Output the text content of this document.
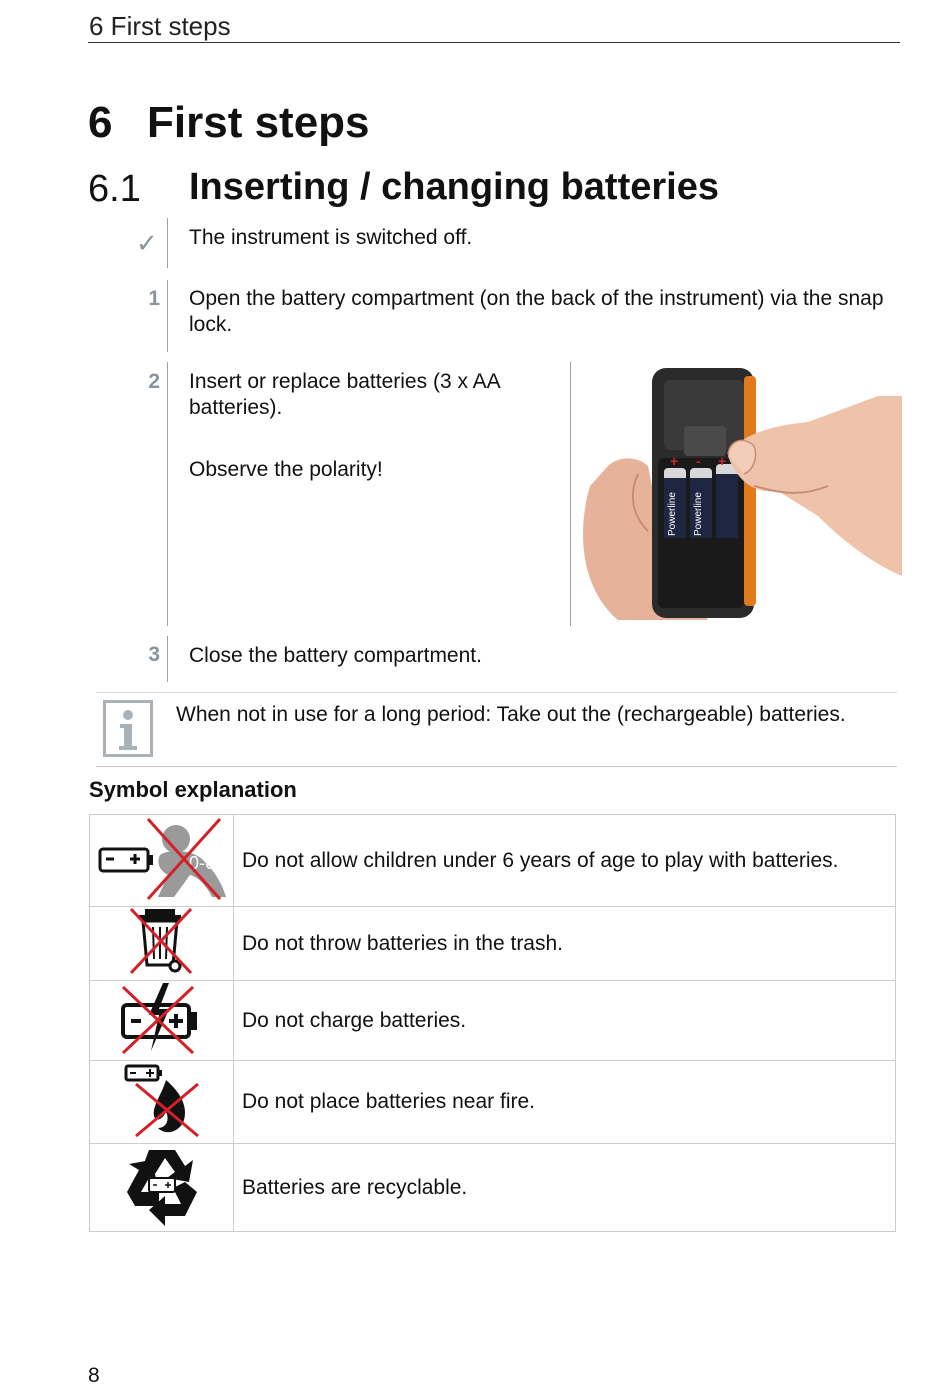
6 First steps
6 First steps
6.1 Inserting / changing batteries
✓ The instrument is switched off.
1 Open the battery compartment (on the back of the instrument) via the snap lock.
2 Insert or replace batteries (3 x AA batteries).
Observe the polarity!
Powerline Powerline
+ - +
3 Close the battery compartment.
When not in use for a long period: Take out the (rechargeable) batteries.
Symbol explanation
0-6	Do not allow children under 6 years of age to play with batteries.
	Do not throw batteries in the trash.
	Do not charge batteries.
	Do not place batteries near fire.
	Batteries are recyclable.
8
